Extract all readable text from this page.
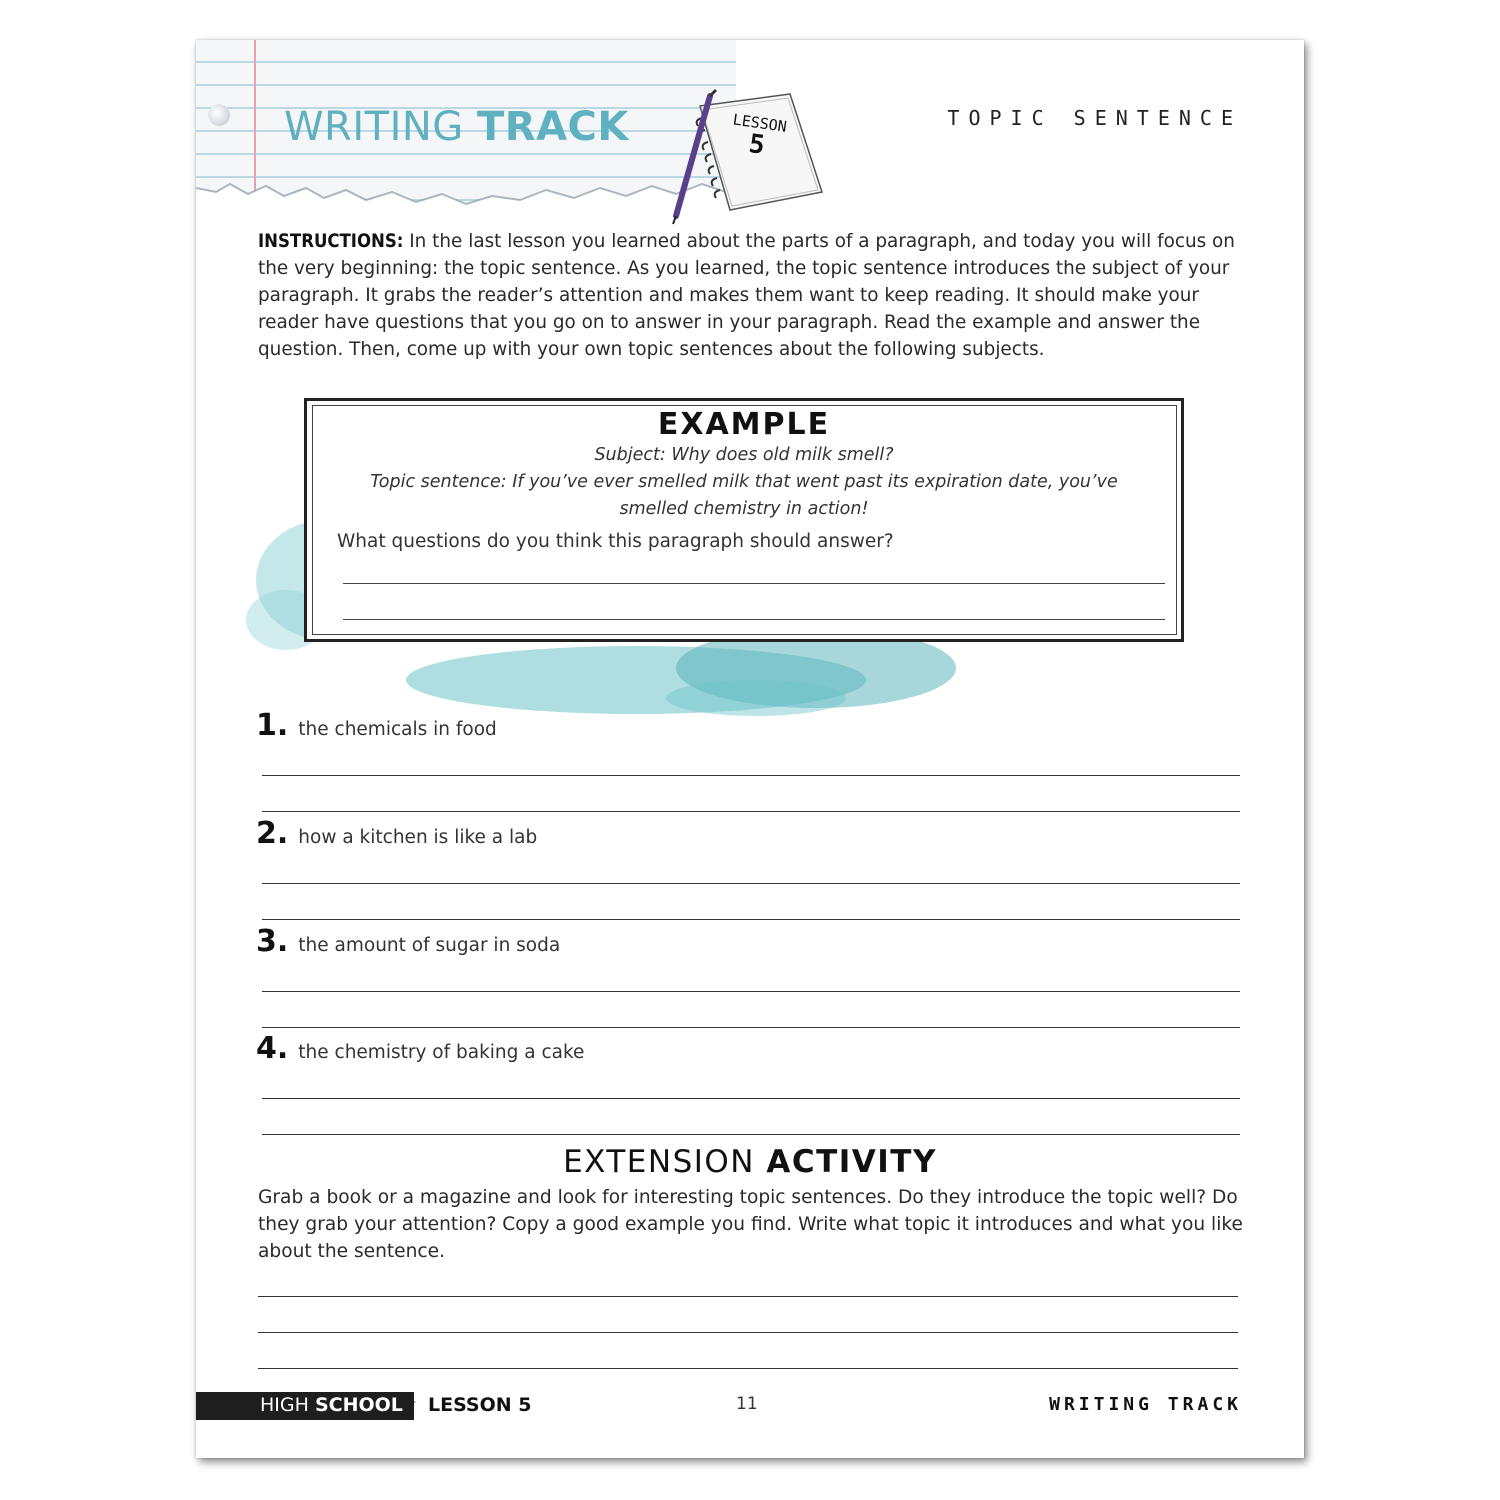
WRITING TRACK	LESSON
5
TOPIC SENTENCE
INSTRUCTIONS: In the last lesson you learned about the parts of a paragraph, and today you will focus on the very beginning: the topic sentence. As you learned, the topic sentence introduces the subject of your paragraph. It grabs the reader’s attention and makes them want to keep reading. It should make your reader have questions that you go on to answer in your paragraph. Read the example and answer the question. Then, come up with your own topic sentences about the following subjects.
EXAMPLE
Subject: Why does old milk smell?
Topic sentence: If you’ve ever smelled milk that went past its expiration date, you’ve
smelled chemistry in action!
What questions do you think this paragraph should answer?
1. the chemicals in food
2. how a kitchen is like a lab
3. the amount of sugar in soda
4. the chemistry of baking a cake
EXTENSION ACTIVITY
Grab a book or a magazine and look for interesting topic sentences. Do they introduce the topic well? Do they grab your attention? Copy a good example you find. Write what topic it introduces and what you like about the sentence.
HIGH SCHOOL LESSON 5	11	WRITING TRACK
